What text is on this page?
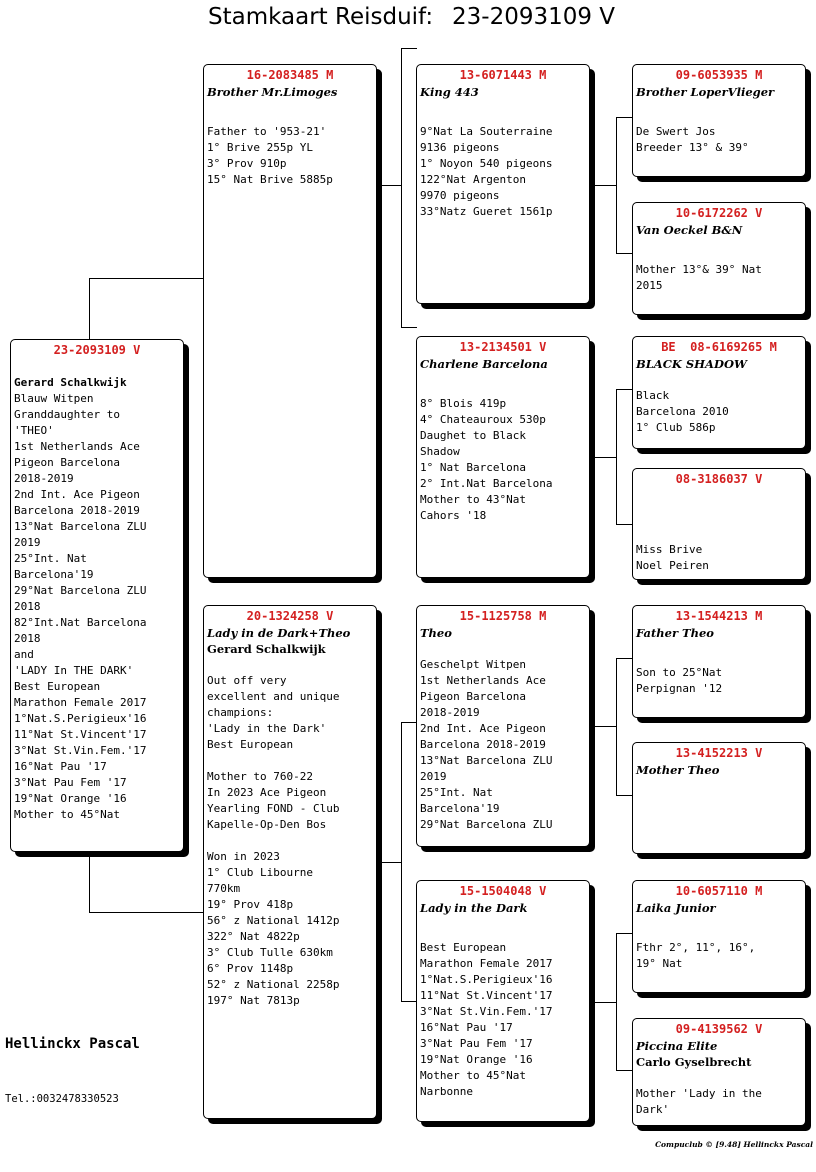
Stamkaart Reisduif: 23-2093109 V
23-2093109 V
Gerard Schalkwijk
Blauw Witpen
Granddaughter to
'THEO'
1st Netherlands Ace
Pigeon Barcelona
2018-2019
2nd Int. Ace Pigeon
Barcelona 2018-2019
13°Nat Barcelona ZLU
2019
25°Int. Nat
Barcelona'19
29°Nat Barcelona ZLU
2018
82°Int.Nat Barcelona
2018
and
'LADY In THE DARK'
Best European
Marathon Female 2017
1°Nat.S.Perigieux'16
11°Nat St.Vincent'17
3°Nat St.Vin.Fem.'17
16°Nat Pau '17
3°Nat Pau Fem '17
19°Nat Orange '16
Mother to 45°Nat
16-2083485 M
Brother Mr.Limoges
Father to '953-21'
1° Brive 255p YL
3° Prov 910p
15° Nat Brive 5885p
20-1324258 V
Lady in de Dark+Theo
Gerard Schalkwijk
Out off very
excellent and unique
champions:
'Lady in the Dark'
Best European

Mother to 760-22
In 2023 Ace Pigeon
Yearling FOND - Club
Kapelle-Op-Den Bos

Won in 2023
1° Club Libourne
770km
19° Prov 418p
56° z National 1412p
322° Nat 4822p
3° Club Tulle 630km
6° Prov 1148p
52° z National 2258p
197° Nat 7813p
13-6071443 M
King 443
9°Nat La Souterraine
9136 pigeons
1° Noyon 540 pigeons
122°Nat Argenton
9970 pigeons
33°Natz Gueret 1561p
13-2134501 V
Charlene Barcelona
8° Blois 419p
4° Chateauroux 530p
Daughet to Black
Shadow
1° Nat Barcelona
2° Int.Nat Barcelona
Mother to 43°Nat
Cahors '18
15-1125758 M
Theo
Geschelpt Witpen
1st Netherlands Ace
Pigeon Barcelona
2018-2019
2nd Int. Ace Pigeon
Barcelona 2018-2019
13°Nat Barcelona ZLU
2019
25°Int. Nat
Barcelona'19
29°Nat Barcelona ZLU
15-1504048 V
Lady in the Dark
Best European
Marathon Female 2017
1°Nat.S.Perigieux'16
11°Nat St.Vincent'17
3°Nat St.Vin.Fem.'17
16°Nat Pau '17
3°Nat Pau Fem '17
19°Nat Orange '16
Mother to 45°Nat
Narbonne
09-6053935 M
Brother LoperVlieger
De Swert Jos
Breeder 13° & 39°
10-6172262 V
Van Oeckel B&N
Mother 13°& 39° Nat
2015
BE  08-6169265 M
BLACK SHADOW
Black
Barcelona 2010
1° Club 586p
08-3186037 V
Miss Brive
Noel Peiren
13-1544213 M
Father Theo
Son to 25°Nat
Perpignan '12
13-4152213 V
Mother Theo
10-6057110 M
Laika Junior
Fthr 2°, 11°, 16°,
19° Nat
09-4139562 V
Piccina Elite
Carlo Gyselbrecht
Mother 'Lady in the
Dark'
Hellinckx Pascal
Tel.:0032478330523
Compuclub © [9.48] Hellinckx Pascal
